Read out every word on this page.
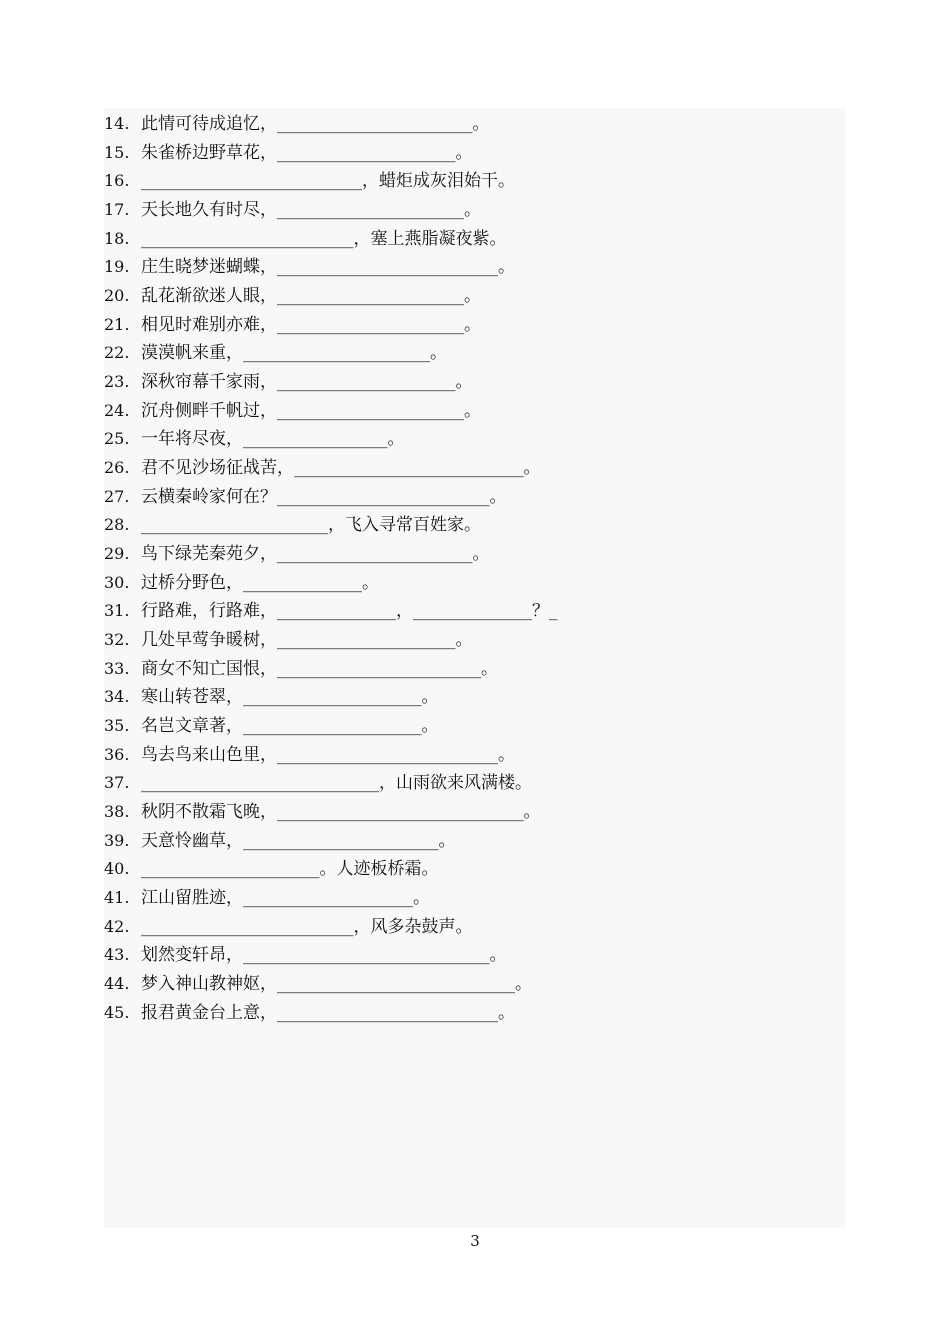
14. 此情可待成追忆，_______________________。
15. 朱雀桥边野草花，_____________________。
16. __________________________，蜡炬成灰泪始干。
17. 天长地久有时尽，______________________。
18. _________________________，塞上燕脂凝夜紫。
19. 庄生晓梦迷蝴蝶，__________________________。
20. 乱花渐欲迷人眼，______________________。
21. 相见时难别亦难，______________________。
22. 漠漠帆来重，______________________。
23. 深秋帘幕千家雨，_____________________。
24. 沉舟侧畔千帆过，______________________。
25. 一年将尽夜，_________________。
26. 君不见沙场征战苦，___________________________。
27. 云横秦岭家何在？_________________________。
28. ______________________，飞入寻常百姓家。
29. 鸟下绿芜秦苑夕，_______________________。
30. 过桥分野色，______________。
31. 行路难，行路难，______________，______________？_
32. 几处早莺争暖树，_____________________。
33. 商女不知亡国恨，________________________。
34. 寒山转苍翠，_____________________。
35. 名岂文章著，_____________________。
36. 鸟去鸟来山色里，__________________________。
37. ____________________________，山雨欲来风满楼。
38. 秋阴不散霜飞晚，_____________________________。
39. 天意怜幽草，_______________________。
40. _____________________。人迹板桥霜。
41. 江山留胜迹，____________________。
42. _________________________，风多杂鼓声。
43. 划然变轩昂，_____________________________。
44. 梦入神山教神妪，____________________________。
45. 报君黄金台上意，__________________________。
3
